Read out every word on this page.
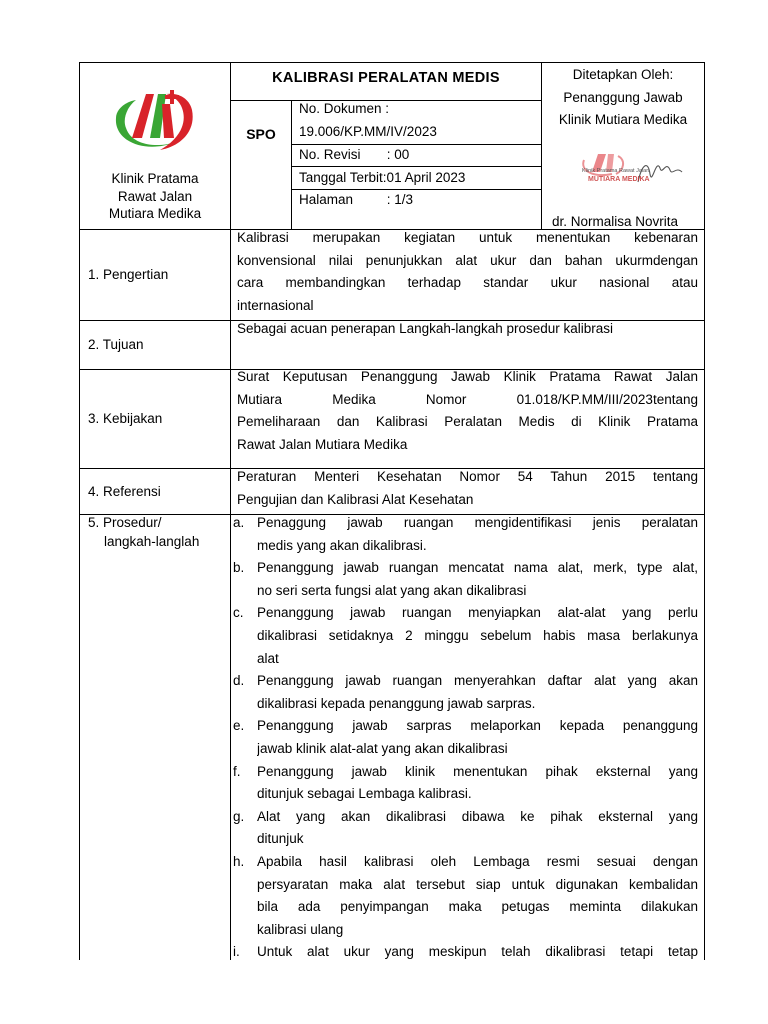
Klinik Pratama
Rawat Jalan
Mutiara Medika
KALIBRASI PERALATAN MEDIS
SPO
No. Dokumen :
19.006/KP.MM/IV/2023
No. Revisi       : 00
Tanggal Terbit:01 April 2023
Halaman         : 1/3
Ditetapkan Oleh:
Penanggung Jawab
Klinik Mutiara Medika
Klinik Pratama Rawat Jalan
MUTIARA MEDIKA
dr. Normalisa Novrita
1. Pengertian
Kalibrasi merupakan kegiatan untuk menentukan kebenaran
konvensional nilai penunjukkan alat ukur dan bahan ukurmdengan
cara membandingkan terhadap standar ukur nasional atau
internasional
2. Tujuan
Sebagai acuan penerapan Langkah-langkah prosedur kalibrasi
3. Kebijakan
Surat Keputusan Penanggung Jawab Klinik Pratama Rawat Jalan
Mutiara Medika Nomor 01.018/KP.MM/III/2023tentang
Pemeliharaan dan Kalibrasi Peralatan Medis di Klinik Pratama
Rawat Jalan Mutiara Medika
4. Referensi
Peraturan Menteri Kesehatan Nomor 54 Tahun 2015 tentang
Pengujian dan Kalibrasi Alat Kesehatan
5. Prosedur/
langkah-langlah
a. Penaggung jawab ruangan mengidentifikasi jenis peralatan
medis yang akan dikalibrasi.
b. Penanggung jawab ruangan mencatat nama alat, merk, type alat,
no seri serta fungsi alat yang akan dikalibrasi
c. Penanggung jawab ruangan menyiapkan alat-alat yang perlu
dikalibrasi setidaknya 2 minggu sebelum habis masa berlakunya
alat
d. Penanggung jawab ruangan menyerahkan daftar alat yang akan
dikalibrasi kepada penanggung jawab sarpras.
e. Penanggung jawab sarpras melaporkan kepada penanggung
jawab klinik alat-alat yang akan dikalibrasi
f.	Penanggung jawab klinik menentukan pihak eksternal yang
ditunjuk sebagai Lembaga kalibrasi.
g. Alat yang akan dikalibrasi dibawa ke pihak eksternal yang
ditunjuk
h. Apabila hasil kalibrasi oleh Lembaga resmi sesuai dengan
persyaratan maka alat tersebut siap untuk digunakan kembalidan
bila ada penyimpangan maka petugas meminta dilakukan
kalibrasi ulang
i.	Untuk alat ukur yang meskipun telah dikalibrasi tetapi tetap
